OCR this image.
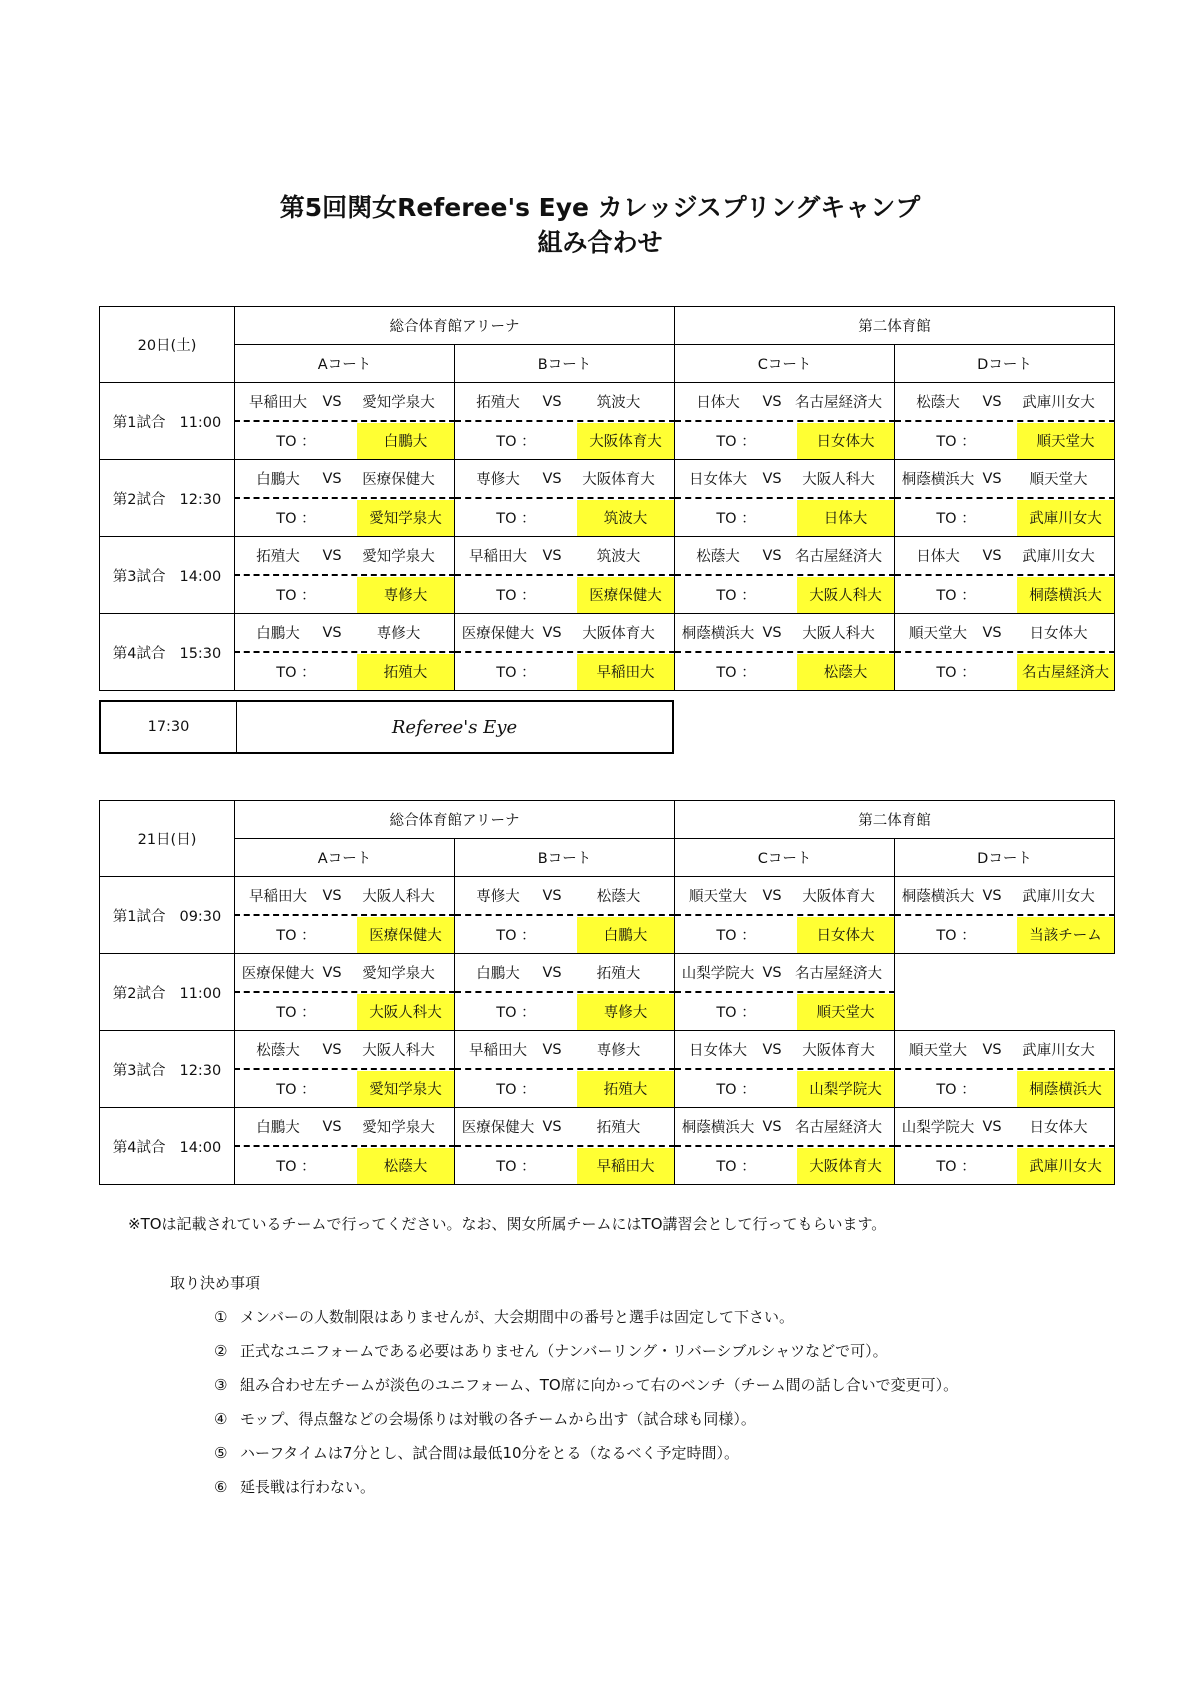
第5回関女Referee's Eye カレッジスプリングキャンプ
組み合わせ
20日(土)	総合体育館アリーナ		第二体育館	
	Aコート	Bコート	Cコート	Dコート
第1試合 11:00	早稲田大 VS 愛知学泉大	拓殖大 VS 筑波大	日体大 VS 名古屋経済大	松蔭大 VS 武庫川女大

TO ： 白鵬大	TO ： 大阪体育大	TO ： 日女体大	TO ： 順天堂大

第2試合 12:30	白鵬大 VS 医療保健大	専修大 VS 大阪体育大	日女体大 VS 大阪人科大	桐蔭横浜大 VS 順天堂大

TO ： 愛知学泉大	TO ： 筑波大	TO ： 日体大	TO ： 武庫川女大

第3試合 14:00	拓殖大 VS 愛知学泉大	早稲田大 VS 筑波大	松蔭大 VS 名古屋経済大	日体大 VS 武庫川女大

TO ： 専修大	TO ： 医療保健大	TO ： 大阪人科大	TO ： 桐蔭横浜大

第4試合 15:30	白鵬大 VS 専修大	医療保健大 VS 大阪体育大	桐蔭横浜大 VS 大阪人科大	順天堂大 VS 日女体大

TO ： 拓殖大	TO ： 早稲田大	TO ： 松蔭大	TO ： 名古屋経済大
17:30	Referee's Eye
21日(日)	総合体育館アリーナ		第二体育館	
	Aコート	Bコート	Cコート	Dコート
第1試合 09:30	早稲田大 VS 大阪人科大	専修大 VS 松蔭大	順天堂大 VS 大阪体育大	桐蔭横浜大 VS 武庫川女大

TO ： 医療保健大	TO ： 白鵬大	TO ： 日女体大	TO ： 当該チーム

第2試合 11:00	医療保健大 VS 愛知学泉大	白鵬大 VS 拓殖大	山梨学院大 VS 名古屋経済大	

TO ： 大阪人科大	TO ： 専修大	TO ： 順天堂大	

第3試合 12:30	松蔭大 VS 大阪人科大	早稲田大 VS 専修大	日女体大 VS 大阪体育大	順天堂大 VS 武庫川女大

TO ： 愛知学泉大	TO ： 拓殖大	TO ： 山梨学院大	TO ： 桐蔭横浜大

第4試合 14:00	白鵬大 VS 愛知学泉大	医療保健大 VS 拓殖大	桐蔭横浜大 VS 名古屋経済大	山梨学院大 VS 日女体大

TO ： 松蔭大	TO ： 早稲田大	TO ： 大阪体育大	TO ： 武庫川女大
※TOは記載されているチームで行ってください。なお、関女所属チームにはTO講習会として行ってもらいます。
取り決め事項
① メンバーの人数制限はありませんが、大会期間中の番号と選手は固定して下さい。
② 正式なユニフォームである必要はありません（ナンバーリング・リバーシブルシャツなどで可）。
③ 組み合わせ左チームが淡色のユニフォーム、TO席に向かって右のベンチ（チーム間の話し合いで変更可）。
④ モップ、得点盤などの会場係りは対戦の各チームから出す（試合球も同様）。
⑤ ハーフタイムは7分とし、試合間は最低10分をとる（なるべく予定時間）。
⑥ 延長戦は行わない。
